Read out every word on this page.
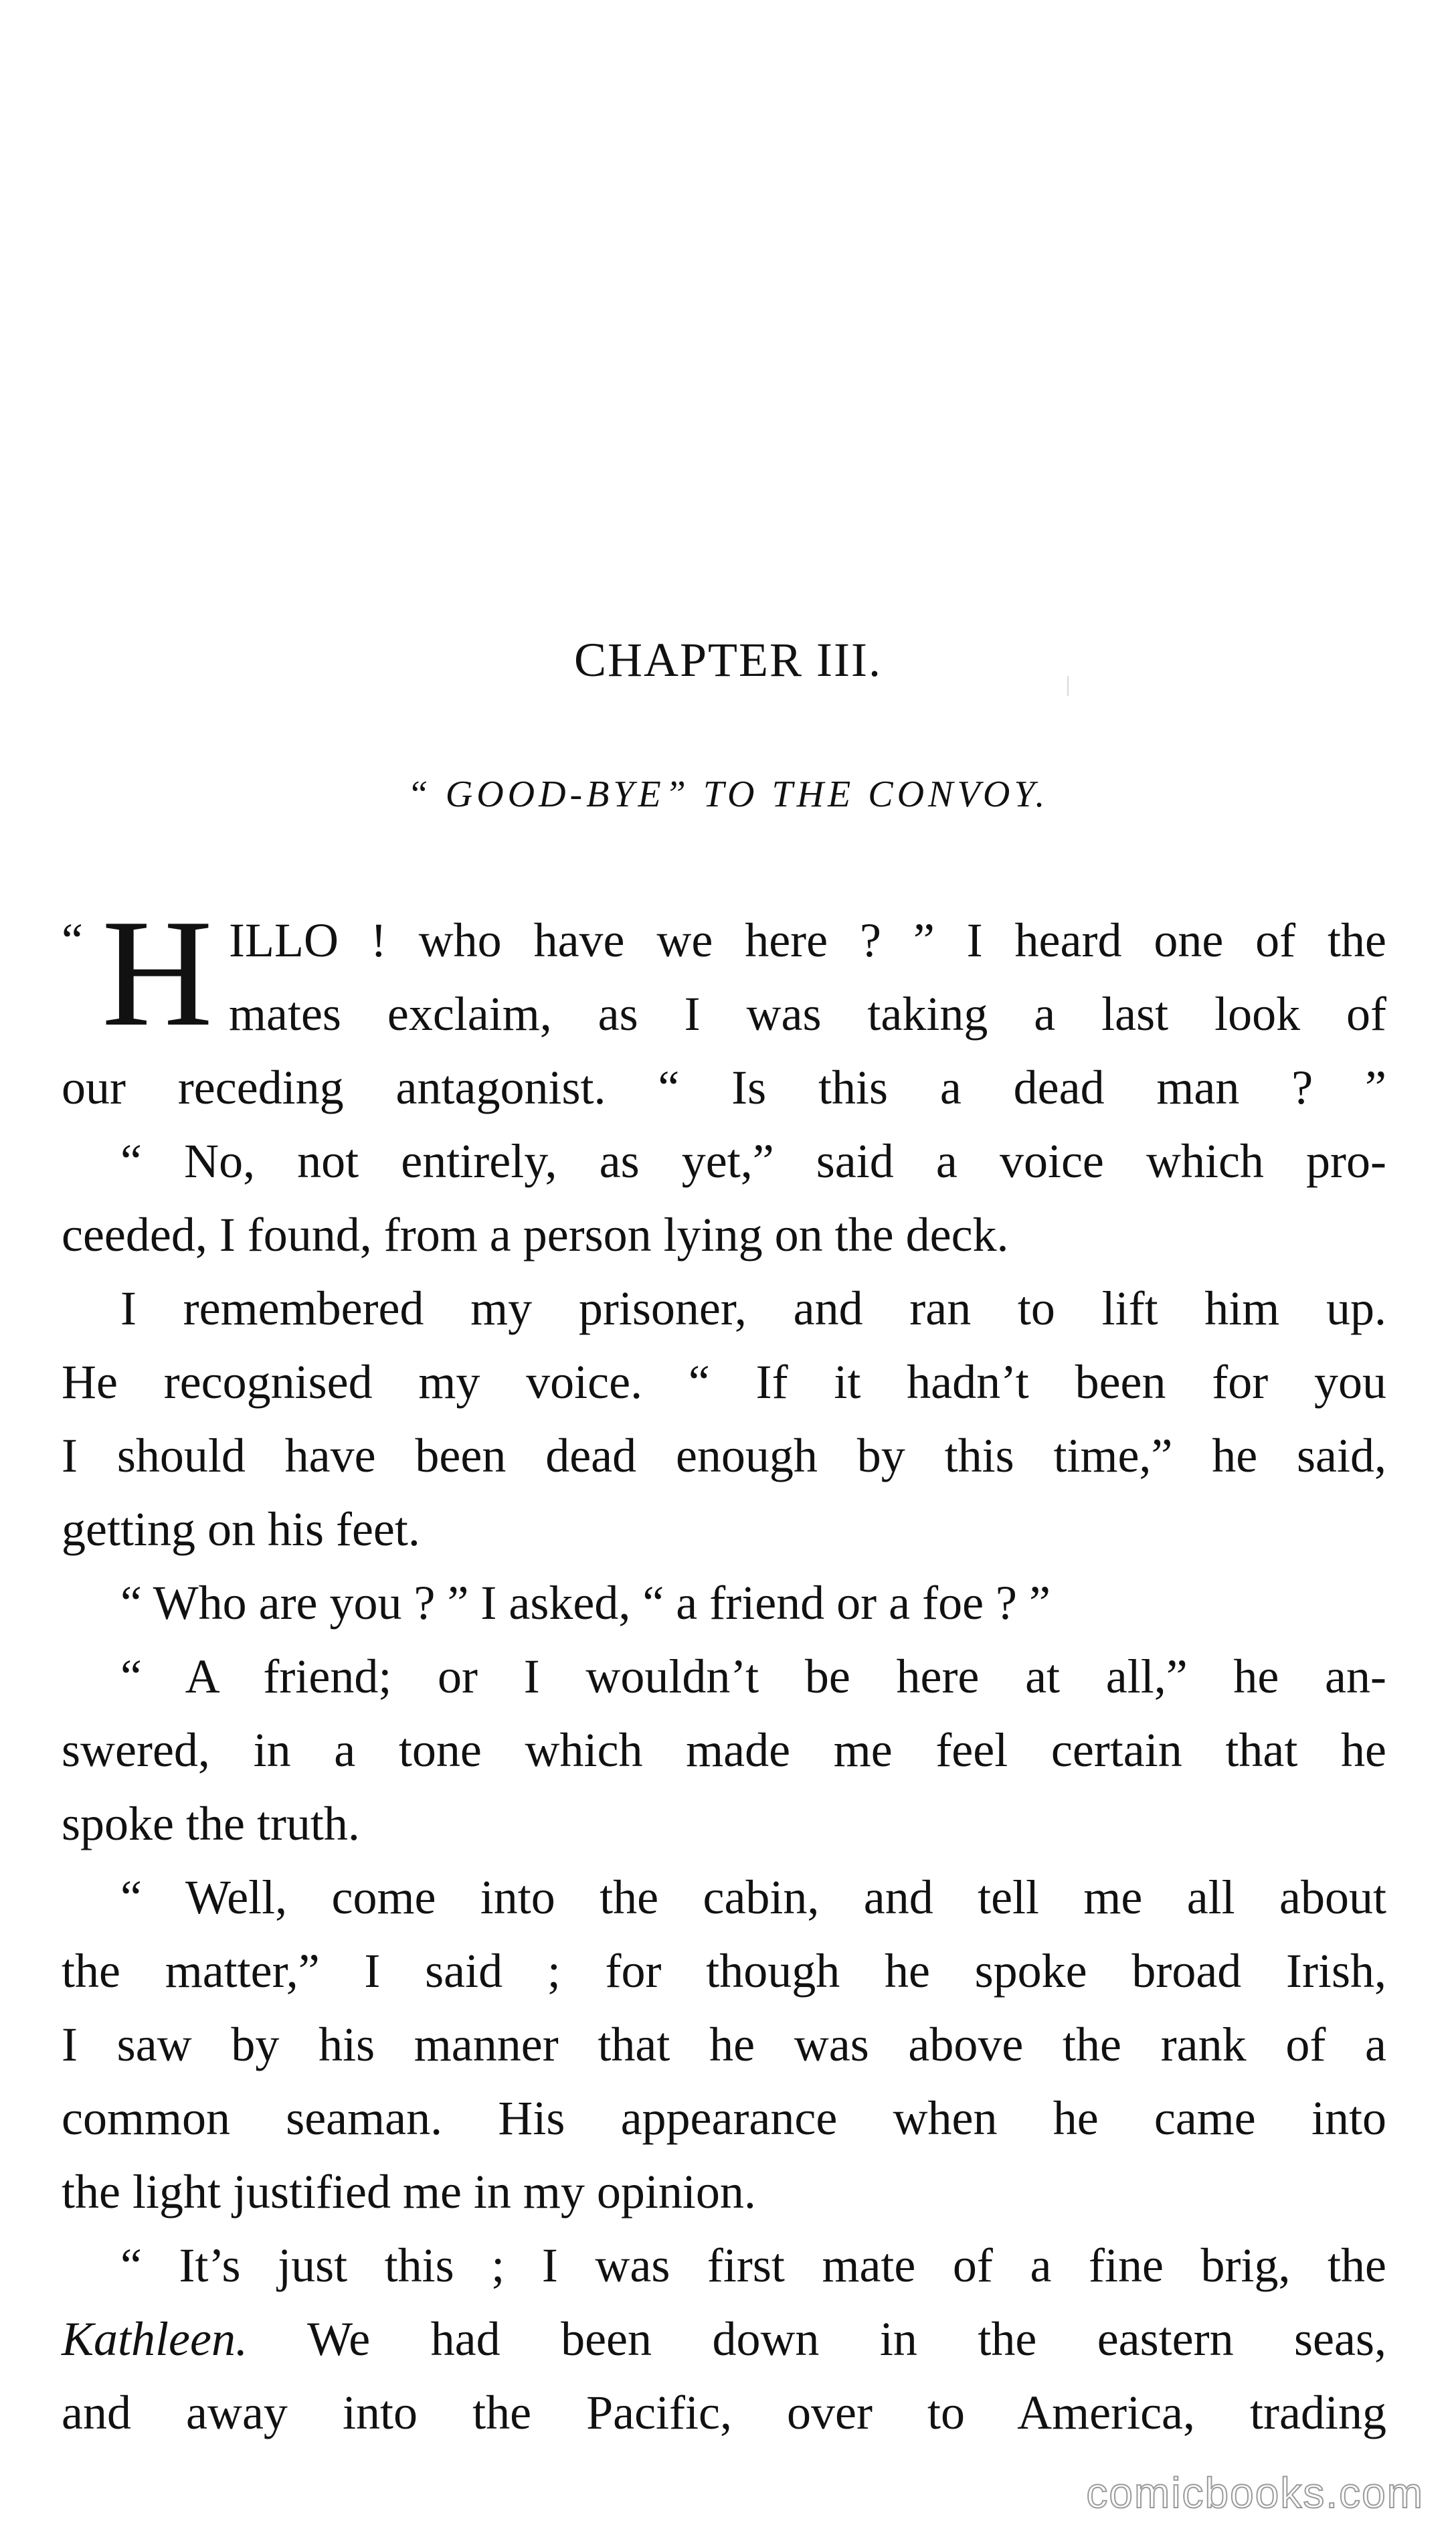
CHAPTER III.
“ GOOD-BYE” TO THE CONVOY.
“ H ILLO ! who have we here ? ” I heard one of the
mates exclaim, as I was taking a last look of
our receding antagonist. “ Is this a dead man ? ”
“ No, not entirely, as yet,” said a voice which pro-
ceeded, I found, from a person lying on the deck.
I remembered my prisoner, and ran to lift him up.
He recognised my voice. “ If it hadn’t been for you
I should have been dead enough by this time,” he said,
getting on his feet.
“ Who are you ? ” I asked, “ a friend or a foe ? ”
“ A friend; or I wouldn’t be here at all,” he an-
swered, in a tone which made me feel certain that he
spoke the truth.
“ Well, come into the cabin, and tell me all about
the matter,” I said ; for though he spoke broad Irish,
I saw by his manner that he was above the rank of a
common seaman. His appearance when he came into
the light justified me in my opinion.
“ It’s just this ; I was first mate of a fine brig, the
Kathleen. We had been down in the eastern seas,
and away into the Pacific, over to America, trading
comicbooks.com
